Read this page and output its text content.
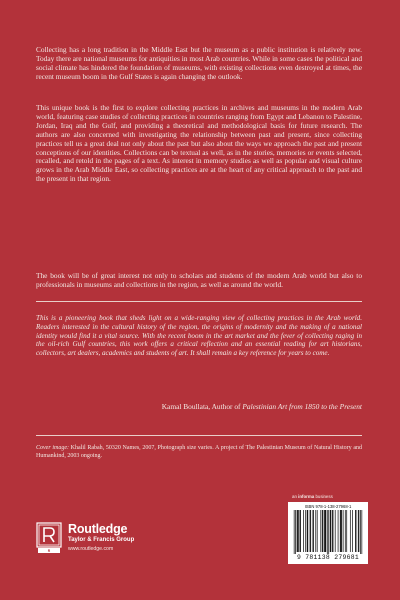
Collecting has a long tradition in the Middle East but the museum as a public institution is relatively new. Today there are national museums for antiquities in most Arab countries. While in some cases the political and social climate has hindered the foundation of museums, with existing collections even destroyed at times, the recent museum boom in the Gulf States is again changing the outlook.

This unique book is the first to explore collecting practices in archives and museums in the modern Arab world, featuring case studies of collecting practices in countries ranging from Egypt and Lebanon to Palestine, Jordan, Iraq and the Gulf, and providing a theoretical and methodological basis for future research. The authors are also concerned with investigating the relationship between past and present, since collecting practices tell us a great deal not only about the past but also about the ways we approach the past and present conceptions of our identities. Collections can be textual as well, as in the stories, memories or events selected, recalled, and retold in the pages of a text. As interest in memory studies as well as popular and visual culture grows in the Arab Middle East, so collecting practices are at the heart of any critical approach to the past and the present in that region.

The book will be of great interest not only to scholars and students of the modern Arab world but also to professionals in museums and collections in the region, as well as around the world.

This is a pioneering book that sheds light on a wide-ranging view of collecting practices in the Arab world. Readers interested in the cultural history of the region, the origins of modernity and the making of a national identity would find it a vital source. With the recent boom in the art market and the fever of collecting raging in the oil-rich Gulf countries, this work offers a critical reflection and an essential reading for art historians, collectors, art dealers, academics and students of art. It shall remain a key reference for years to come.

Kamal Boullata, Author of Palestinian Art from 1850 to the Present

Cover image: Khalil Rabah, 50320 Names, 2007, Photograph size varies. A project of The Palestinian Museum of Natural History and Humankind, 2003 ongoing.

an informa business
R
Routledge
Taylor & Francis Group
www.routledge.com
ISBN 978-1-138-27968-1
9 781138 279681
